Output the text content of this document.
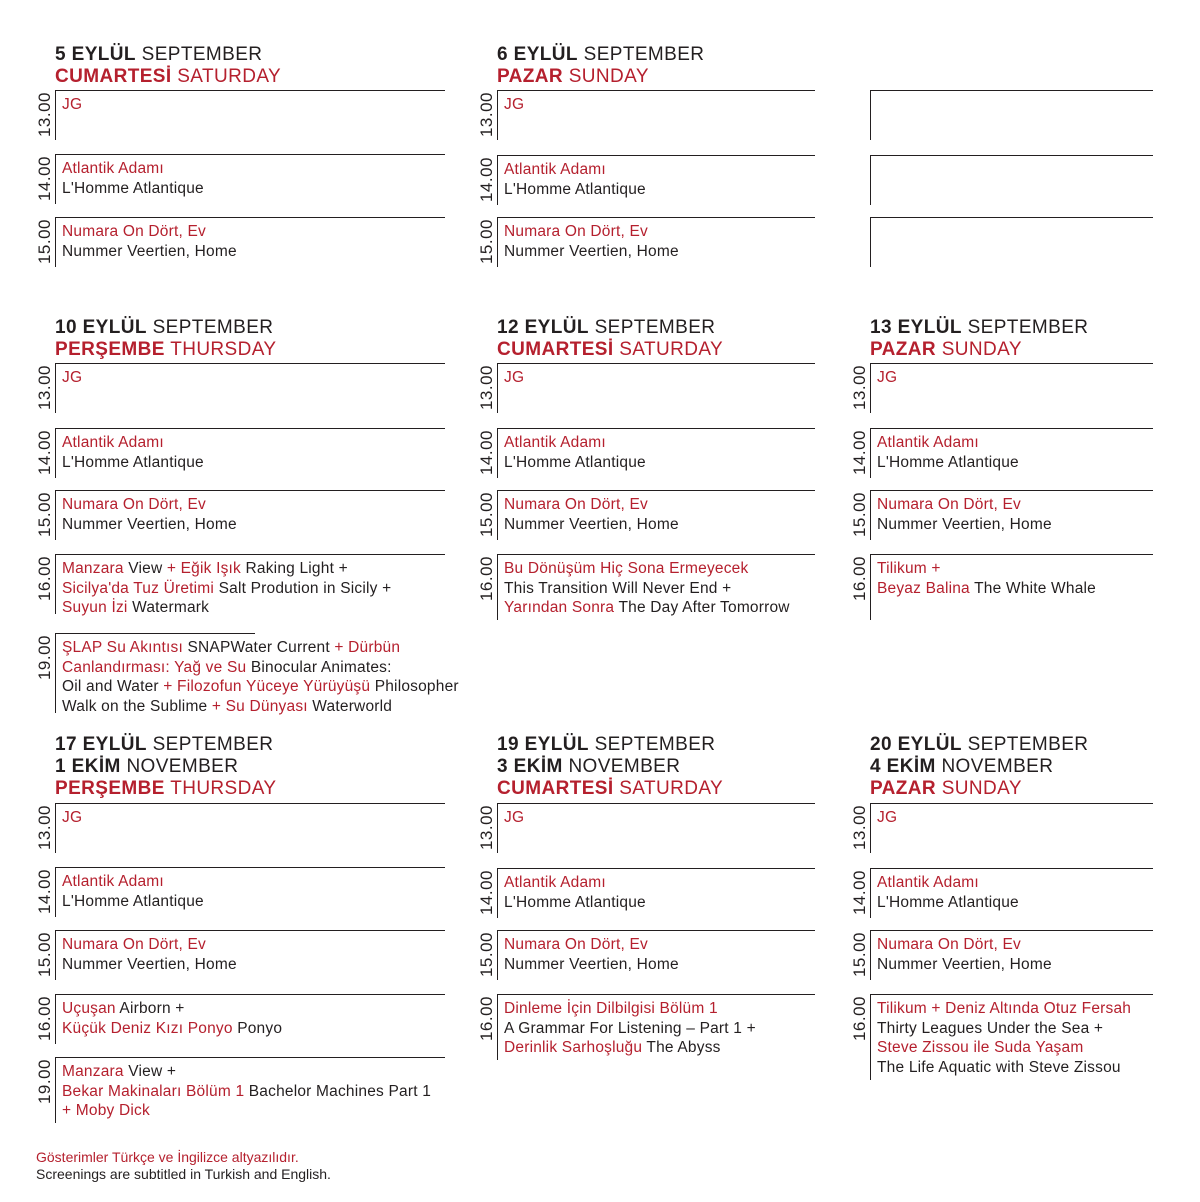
5 EYLÜL SEPTEMBER
CUMARTESİ SATURDAY
13.00 JG
14.00 Atlantik Adamı
L'Homme Atlantique
15.00 Numara On Dört, Ev
Nummer Veertien, Home
6 EYLÜL SEPTEMBER
PAZAR SUNDAY
13.00 JG
14.00 Atlantik Adamı
L'Homme Atlantique
15.00 Numara On Dört, Ev
Nummer Veertien, Home
10 EYLÜL SEPTEMBER
PERŞEMBE THURSDAY
13.00 JG
14.00 Atlantik Adamı
L'Homme Atlantique
15.00 Numara On Dört, Ev
Nummer Veertien, Home
16.00 Manzara View + Eğik Işık Raking Light +
Sicilya'da Tuz Üretimi Salt Prodution in Sicily +
Suyun İzi Watermark
19.00 ŞLAP Su Akıntısı SNAPWater Current + Dürbün
Canlandırması: Yağ ve Su Binocular Animates:
Oil and Water + Filozofun Yüceye Yürüyüşü Philosopher
Walk on the Sublime + Su Dünyası Waterworld
12 EYLÜL SEPTEMBER
CUMARTESİ SATURDAY
13.00 JG
14.00 Atlantik Adamı
L'Homme Atlantique
15.00 Numara On Dört, Ev
Nummer Veertien, Home
16.00 Bu Dönüşüm Hiç Sona Ermeyecek
This Transition Will Never End +
Yarından Sonra The Day After Tomorrow
13 EYLÜL SEPTEMBER
PAZAR SUNDAY
13.00 JG
14.00 Atlantik Adamı
L'Homme Atlantique
15.00 Numara On Dört, Ev
Nummer Veertien, Home
16.00 Tilikum +
Beyaz Balina The White Whale
17 EYLÜL SEPTEMBER
1 EKİM NOVEMBER
PERŞEMBE THURSDAY
13.00 JG
14.00 Atlantik Adamı
L'Homme Atlantique
15.00 Numara On Dört, Ev
Nummer Veertien, Home
16.00 Uçuşan Airborn +
Küçük Deniz Kızı Ponyo Ponyo
19.00 Manzara View +
Bekar Makinaları Bölüm 1 Bachelor Machines Part 1
+ Moby Dick
19 EYLÜL SEPTEMBER
3 EKİM NOVEMBER
CUMARTESİ SATURDAY
13.00 JG
14.00 Atlantik Adamı
L'Homme Atlantique
15.00 Numara On Dört, Ev
Nummer Veertien, Home
16.00 Dinleme İçin Dilbilgisi Bölüm 1
A Grammar For Listening – Part 1 +
Derinlik Sarhoşluğu The Abyss
20 EYLÜL SEPTEMBER
4 EKİM NOVEMBER
PAZAR SUNDAY
13.00 JG
14.00 Atlantik Adamı
L'Homme Atlantique
15.00 Numara On Dört, Ev
Nummer Veertien, Home
16.00 Tilikum + Deniz Altında Otuz Fersah
Thirty Leagues Under the Sea +
Steve Zissou ile Suda Yaşam
The Life Aquatic with Steve Zissou
Gösterimler Türkçe ve İngilizce altyazılıdır.
Screenings are subtitled in Turkish and English.
